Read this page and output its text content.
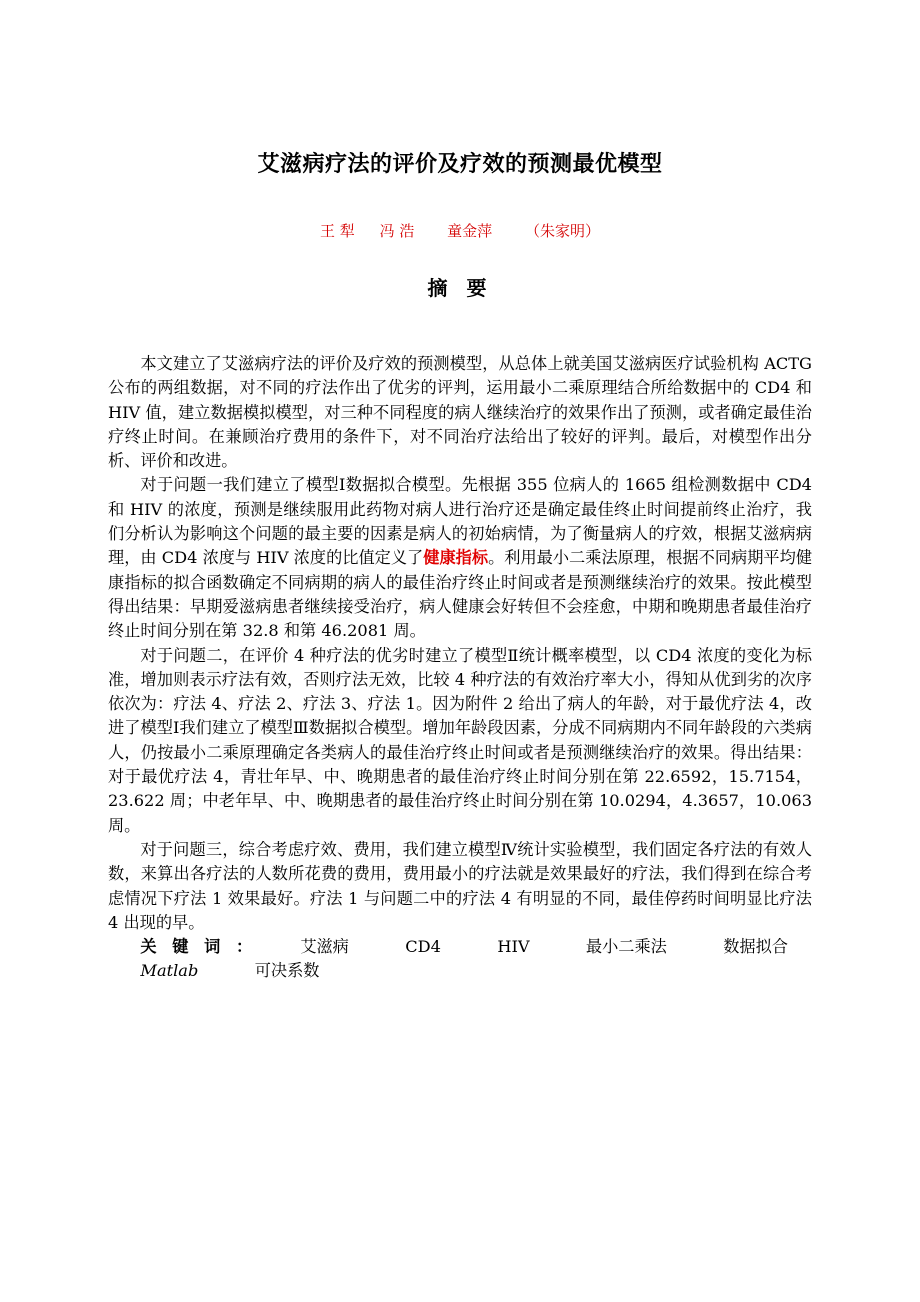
艾滋病疗法的评价及疗效的预测最优模型
王 犁 冯 浩 童金萍 （朱家明）
摘 要

本文建立了艾滋病疗法的评价及疗效的预测模型，从总体上就美国艾滋病医疗试验机构 ACTG 公布的两组数据，对不同的疗法作出了优劣的评判，运用最小二乘原理结合所给数据中的 CD4 和 HIV 值，建立数据模拟模型，对三种不同程度的病人继续治疗的效果作出了预测，或者确定最佳治疗终止时间。在兼顾治疗费用的条件下，对不同治疗法给出了较好的评判。最后，对模型作出分析、评价和改进。

对于问题一我们建立了模型Ⅰ数据拟合模型。先根据 355 位病人的 1665 组检测数据中 CD4 和 HIV 的浓度，预测是继续服用此药物对病人进行治疗还是确定最佳终止时间提前终止治疗，我们分析认为影响这个问题的最主要的因素是病人的初始病情，为了衡量病人的疗效，根据艾滋病病理，由 CD4 浓度与 HIV 浓度的比值定义了健康指标。利用最小二乘法原理，根据不同病期平均健康指标的拟合函数确定不同病期的病人的最佳治疗终止时间或者是预测继续治疗的效果。按此模型得出结果：早期爱滋病患者继续接受治疗，病人健康会好转但不会痊愈，中期和晚期患者最佳治疗终止时间分别在第 32.8 和第 46.2081 周。

对于问题二，在评价 4 种疗法的优劣时建立了模型Ⅱ统计概率模型，以 CD4 浓度的变化为标准，增加则表示疗法有效，否则疗法无效，比较 4 种疗法的有效治疗率大小，得知从优到劣的次序依次为：疗法 4、疗法 2、疗法 3、疗法 1。因为附件 2 给出了病人的年龄，对于最优疗法 4，改进了模型Ⅰ我们建立了模型Ⅲ数据拟合模型。增加年龄段因素，分成不同病期内不同年龄段的六类病人，仍按最小二乘原理确定各类病人的最佳治疗终止时间或者是预测继续治疗的效果。得出结果：对于最优疗法 4，青壮年早、中、晚期患者的最佳治疗终止时间分别在第 22.6592，15.7154，23.622 周；中老年早、中、晚期患者的最佳治疗终止时间分别在第 10.0294，4.3657，10.063 周。

对于问题三，综合考虑疗效、费用，我们建立模型Ⅳ统计实验模型，我们固定各疗法的有效人数，来算出各疗法的人数所花费的费用，费用最小的疗法就是效果最好的疗法，我们得到在综合考虑情况下疗法 1 效果最好。疗法 1 与问题二中的疗法 4 有明显的不同，最佳停药时间明显比疗法 4 出现的早。

关键词： 艾滋病	CD4	HIV	最小二乘法	数据拟合Matlab	可决系数
